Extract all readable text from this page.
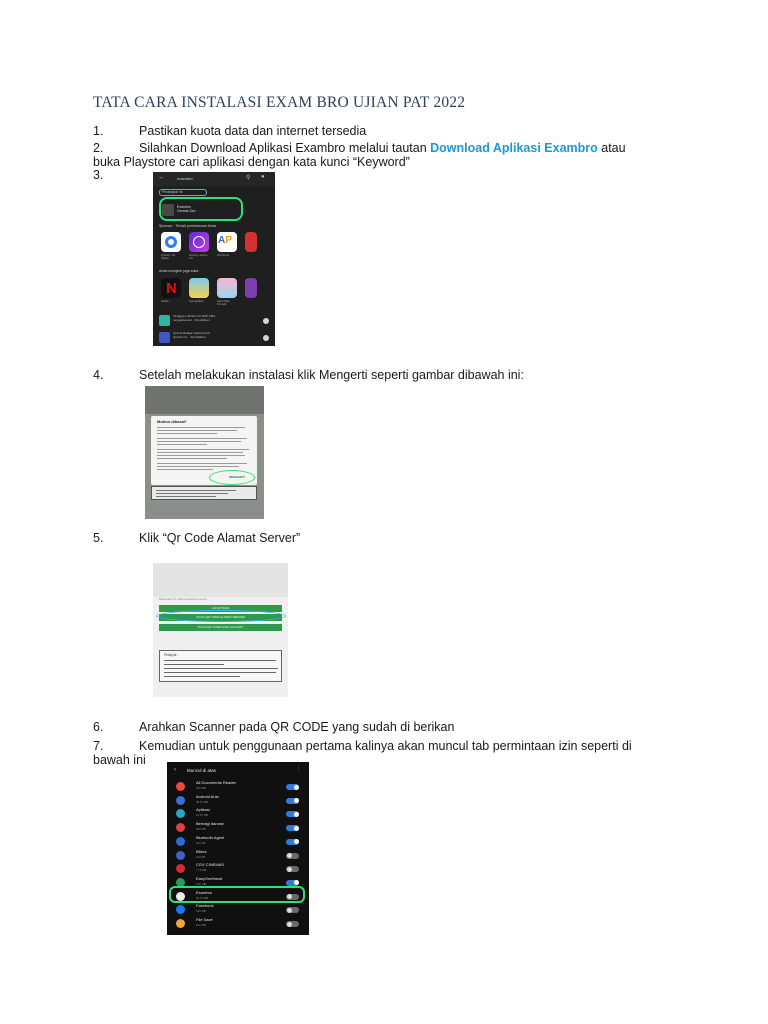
TATA CARA INSTALASI EXAM BRO UJIAN PAT 2022
1.	Pastikan kuota data dan internet tersedia
2.	Silahkan Download Aplikasi Exambro melalui tautan Download Aplikasi Exambro atau
buka Playstore cari aplikasi dengan kata kunci “Keyword”
3.	←	exambro	⚲ ●
Perangkat ini
Exambro
Cerana Dev
Sponsor · Terkait penelusuran Anda
AP
Quizizz: Ke Space
Arcanyx Anime Art
Aiz Prime
Anda mungkin juga suka
N
Netflix	SpongeBob	Hello Kitty Friends
Tanggap e-Broker ID SMP SMK
ranggalsoeteri · Pendidikan
Quizlet Belajar Flashcard AI
Quizlet Inc. · Pendidikan
4.	Setelah melakukan instalasi klik Mengerti seperti gambar dibawah ini:
Mohon dibaca!!
MENGERTI
5.	Klik “Qr Code Alamat Server”
Masukkan IP address/alamat server
LANJUTKAN
SCAN QR CODE ALAMAT SERVER
SCAN QR CODE DARI GALLERY
Petunjuk :
6.	Arahkan Scanner pada QR CODE yang sudah di berikan
7.	Kemudian untuk penggunaan pertama kalinya akan muncul tab permintaan izin seperti di
bawah ini
‹ Muncul di atas	⋮
All Documents Reader
220 MB
Android Auto
48.07 MB
Aplikasi
14.57 MB
Berbagi darurat
108 MB
Bluetooth Agent
107 KB
Bitera
132 KB
CGV CINEMAS
77.0 MB
EasyOneHand
2.87 MB
Exambro
92.70 MB
Facebook
640 MB
File Save
162 MB
